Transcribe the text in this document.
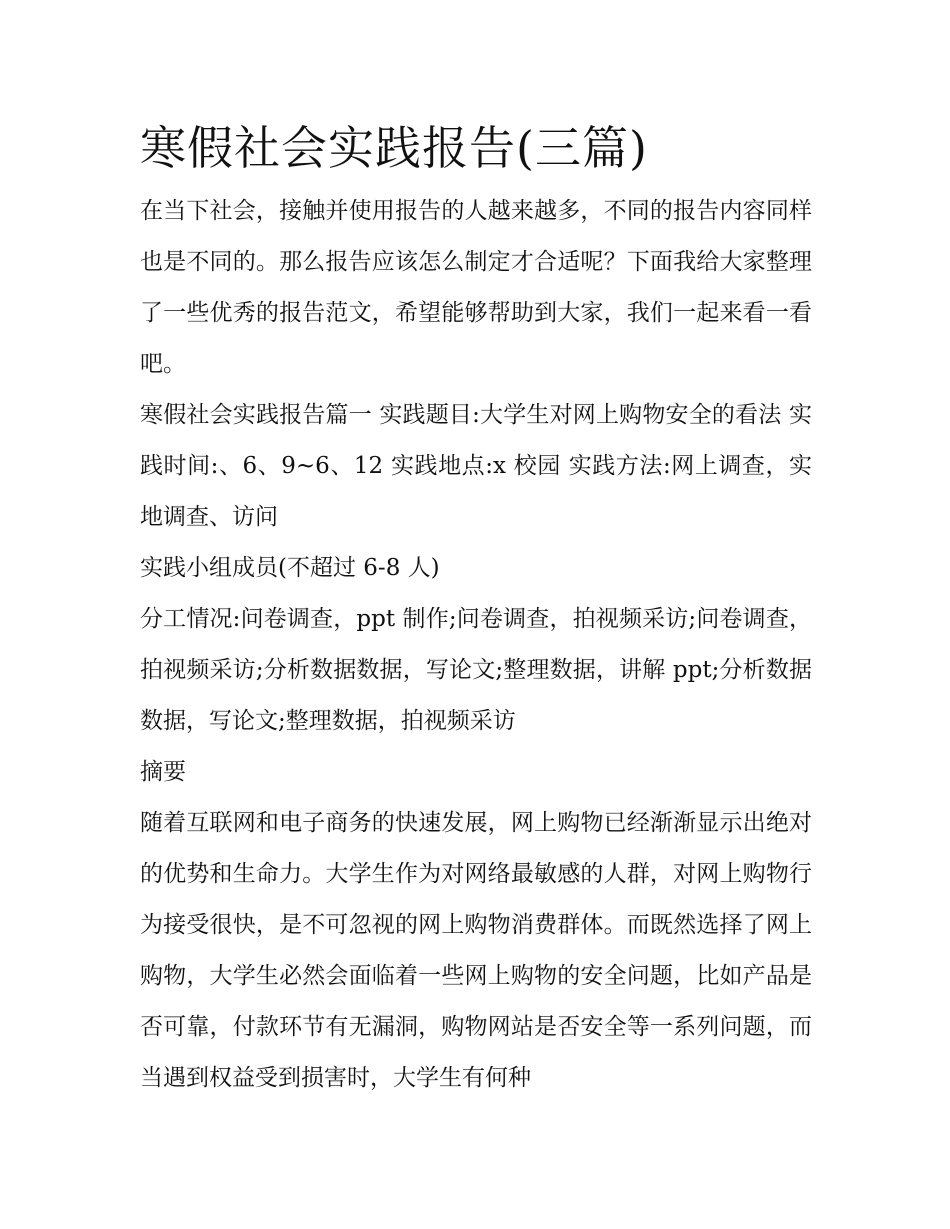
寒假社会实践报告(三篇)

在当下社会，接触并使用报告的人越来越多，不同的报告内容同样也是不同的。那么报告应该怎么制定才合适呢？下面我给大家整理了一些优秀的报告范文，希望能够帮助到大家，我们一起来看一看吧。

寒假社会实践报告篇一 实践题目:大学生对网上购物安全的看法 实践时间:、6、9~6、12 实践地点:x 校园 实践方法:网上调查，实地调查、访问

实践小组成员(不超过 6-8 人)

分工情况:问卷调查，ppt 制作;问卷调查，拍视频采访;问卷调查，拍视频采访;分析数据数据，写论文;整理数据，讲解 ppt;分析数据数据，写论文;整理数据，拍视频采访

摘要

随着互联网和电子商务的快速发展，网上购物已经渐渐显示出绝对的优势和生命力。大学生作为对网络最敏感的人群，对网上购物行为接受很快，是不可忽视的网上购物消费群体。而既然选择了网上购物，大学生必然会面临着一些网上购物的安全问题，比如产品是否可靠，付款环节有无漏洞，购物网站是否安全等一系列问题，而当遇到权益受到损害时，大学生有何种
